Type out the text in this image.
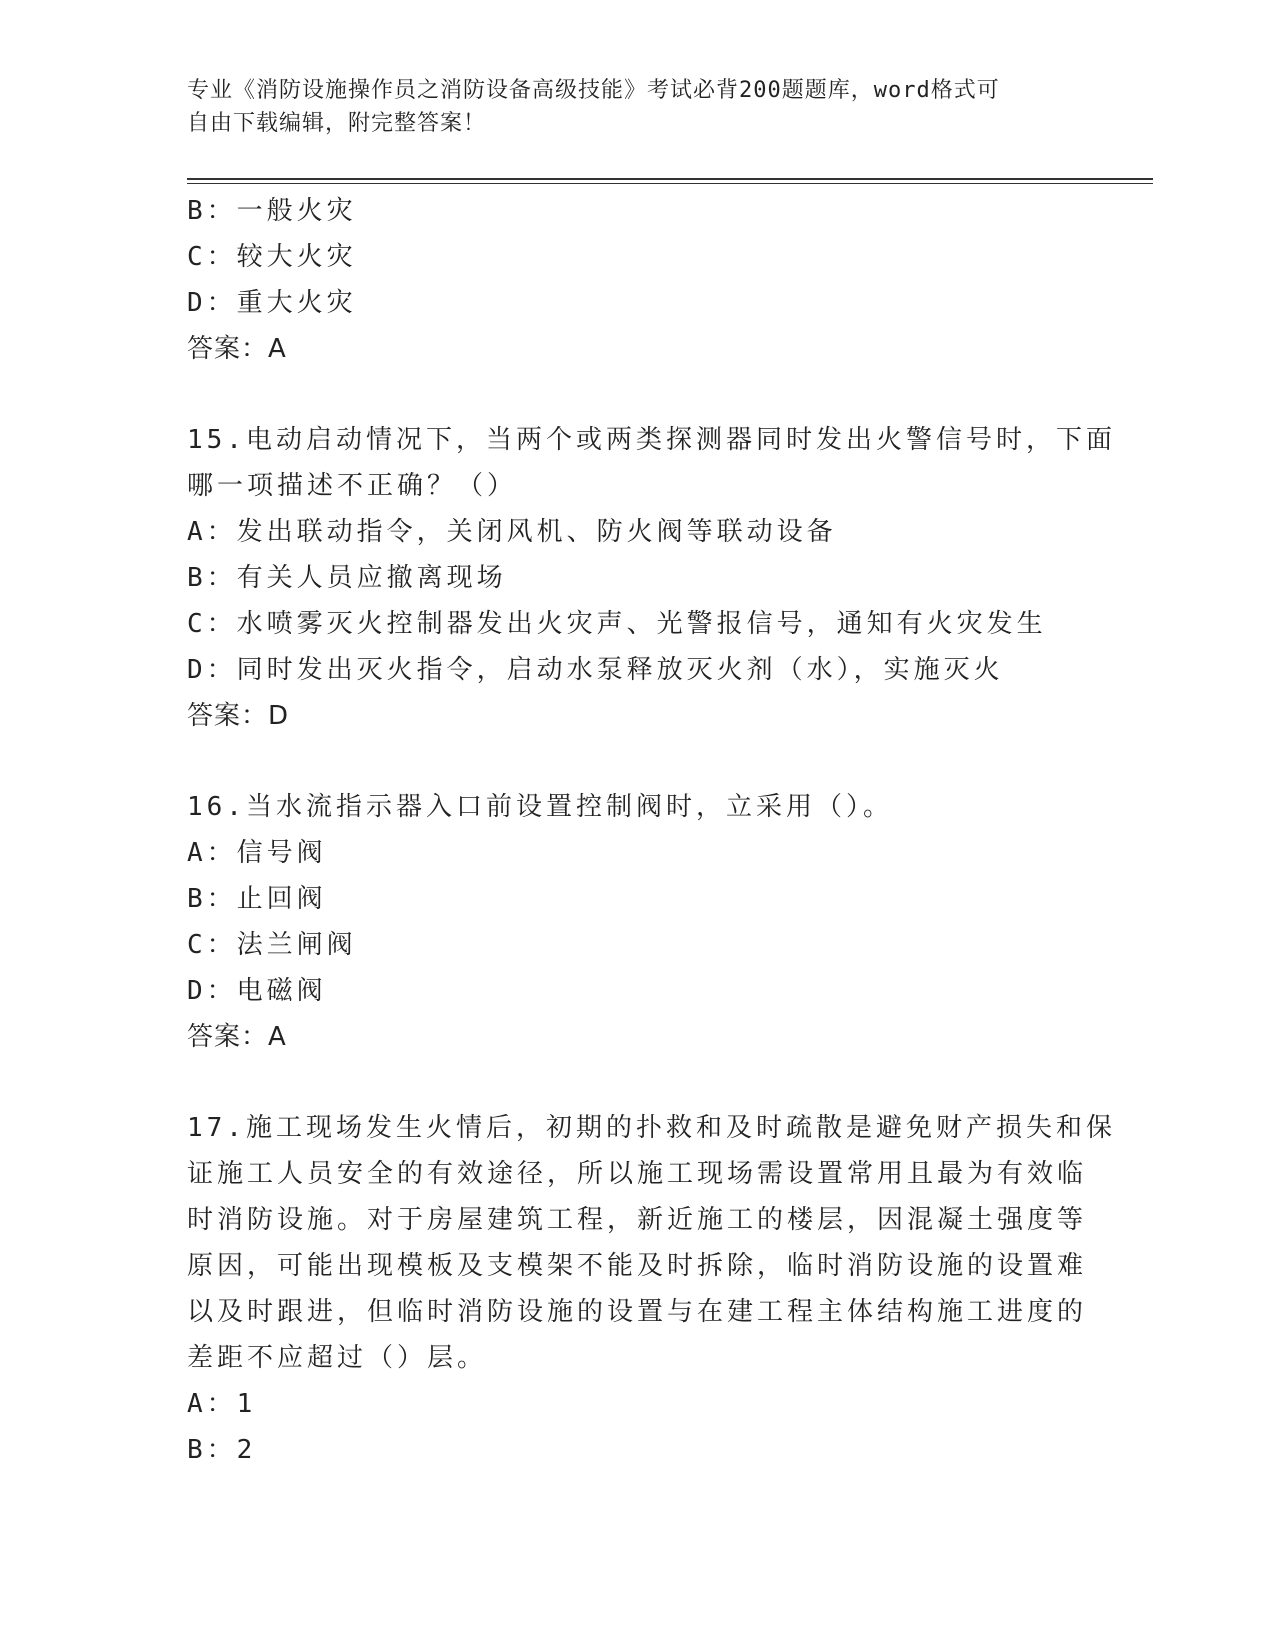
专业《消防设施操作员之消防设备高级技能》考试必背200题题库，word格式可
自由下载编辑，附完整答案！
B：一般火灾
C：较大火灾
D：重大火灾
答案：A
15.电动启动情况下，当两个或两类探测器同时发出火警信号时，下面
哪一项描述不正确？（）
A：发出联动指令，关闭风机、防火阀等联动设备
B：有关人员应撤离现场
C：水喷雾灭火控制器发出火灾声、光警报信号，通知有火灾发生
D：同时发出灭火指令，启动水泵释放灭火剂（水），实施灭火
答案：D
16.当水流指示器入口前设置控制阀时，立采用（）。
A：信号阀
B：止回阀
C：法兰闸阀
D：电磁阀
答案：A
17.施工现场发生火情后，初期的扑救和及时疏散是避免财产损失和保
证施工人员安全的有效途径，所以施工现场需设置常用且最为有效临
时消防设施。对于房屋建筑工程，新近施工的楼层，因混凝土强度等
原因，可能出现模板及支模架不能及时拆除，临时消防设施的设置难
以及时跟进，但临时消防设施的设置与在建工程主体结构施工进度的
差距不应超过（）层。
A：1
B：2
